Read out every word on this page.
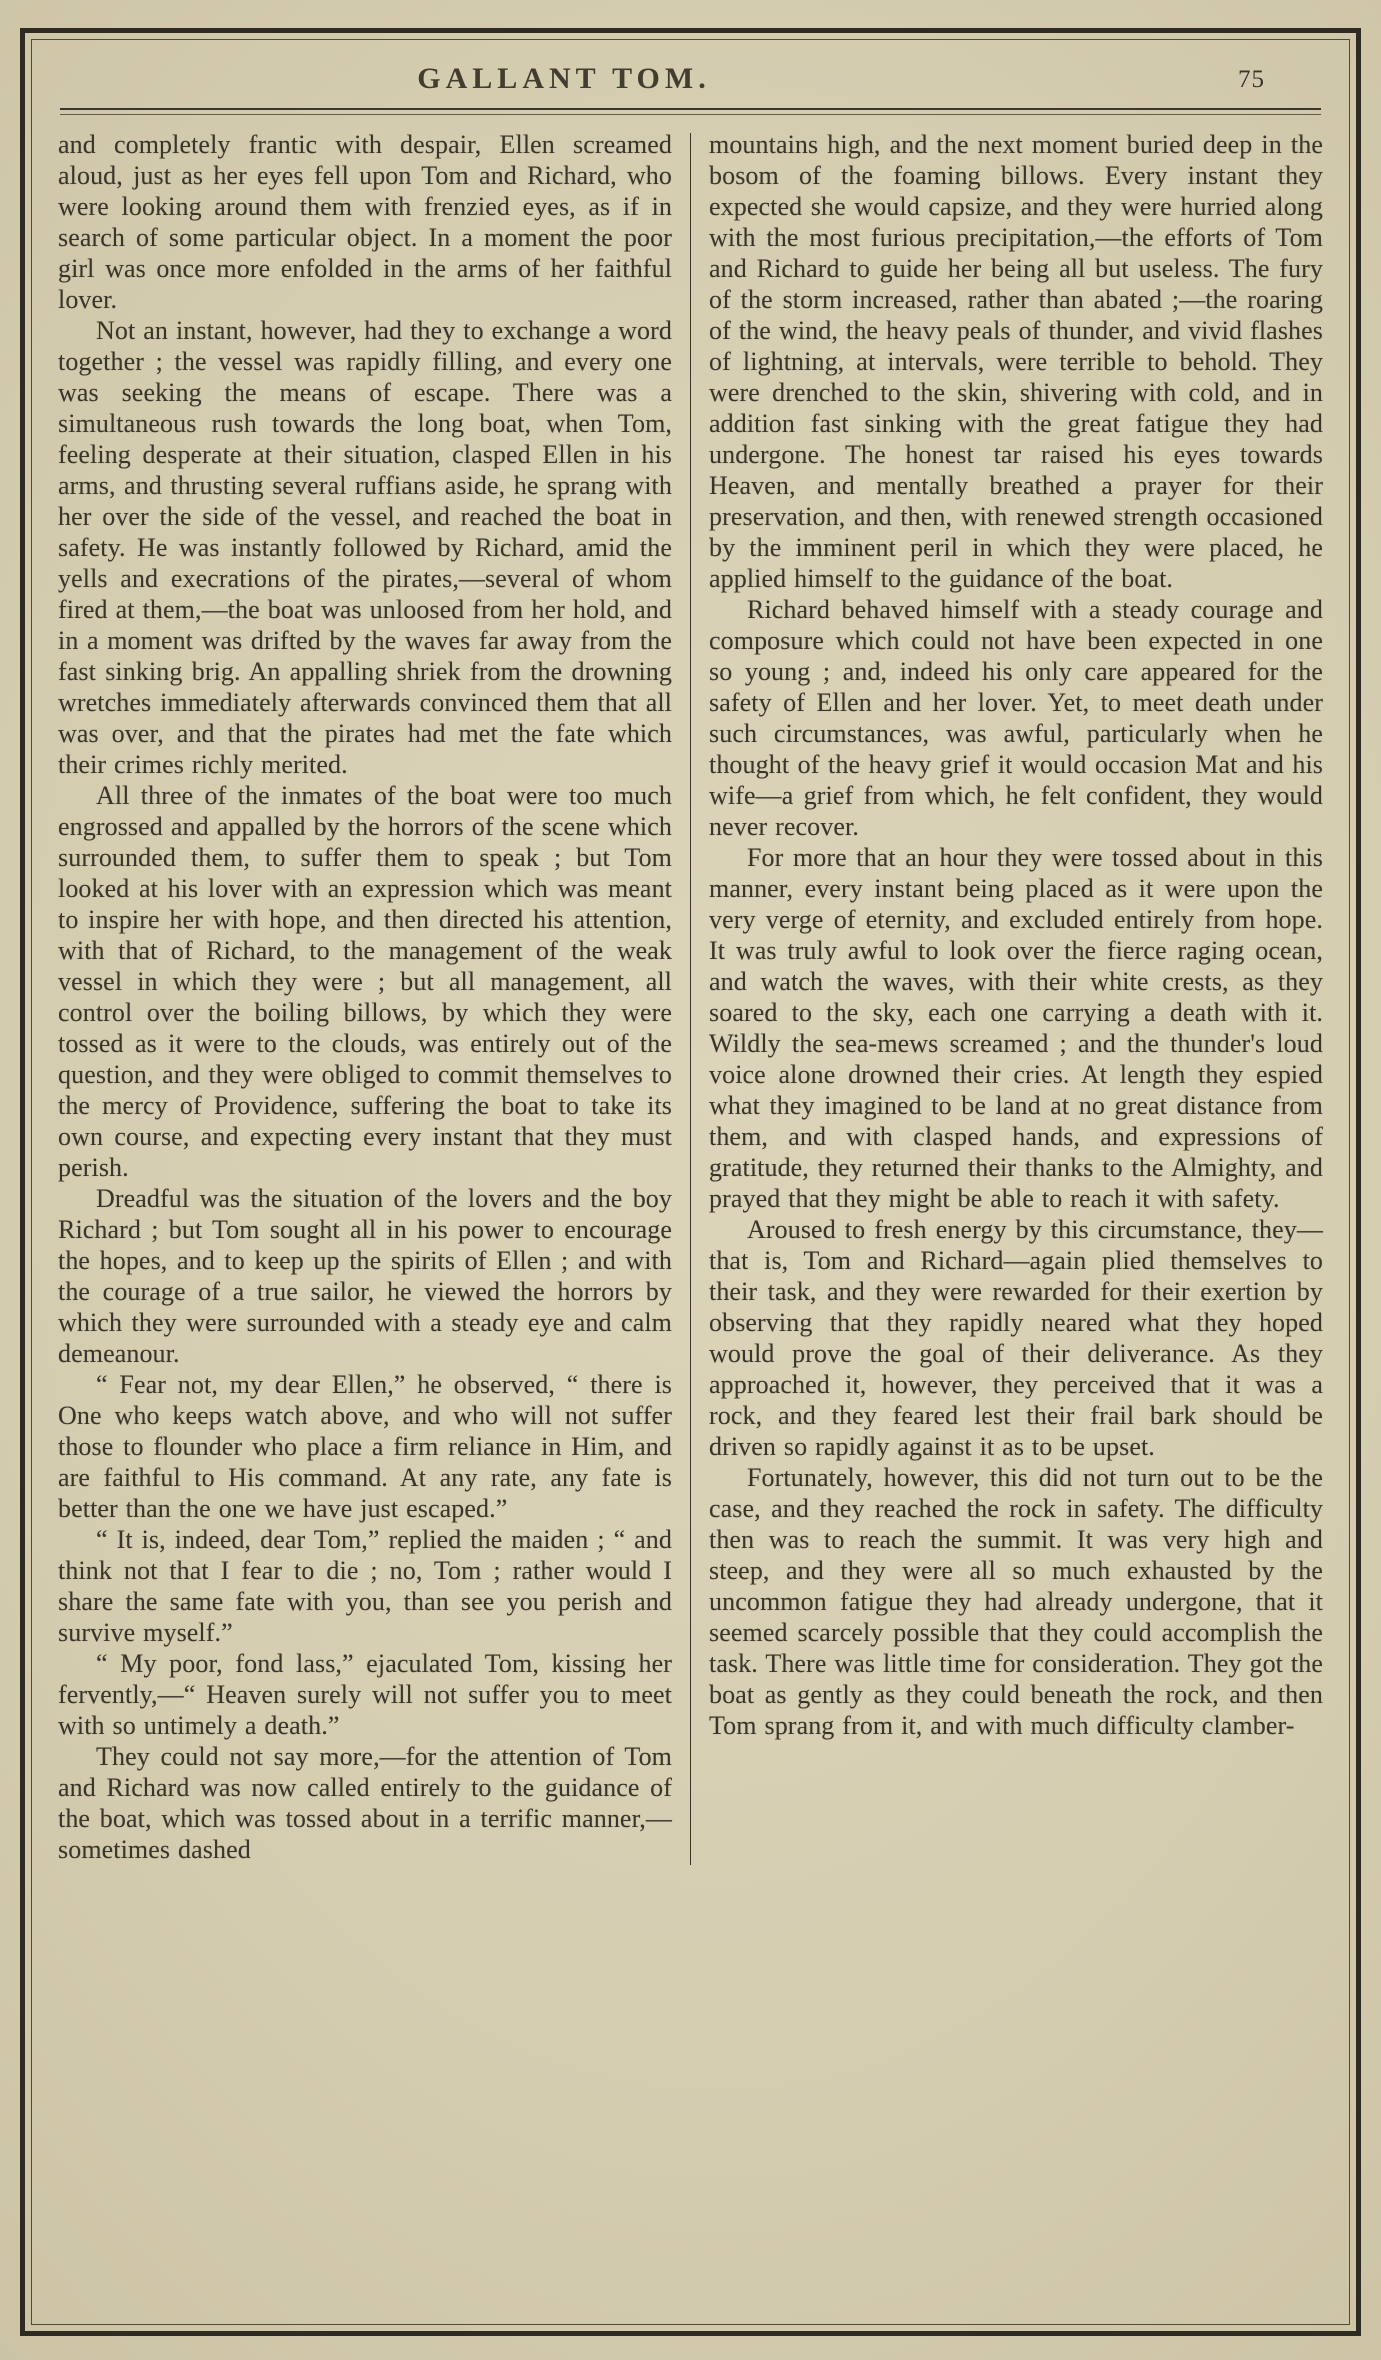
GALLANT TOM.	75

and completely frantic with despair, Ellen screamed aloud, just as her eyes fell upon Tom and Richard, who were looking around them with frenzied eyes, as if in search of some particular object. In a moment the poor girl was once more enfolded in the arms of her faithful lover.

Not an instant, however, had they to exchange a word together ; the vessel was rapidly filling, and every one was seeking the means of escape. There was a simultaneous rush towards the long boat, when Tom, feeling desperate at their situation, clasped Ellen in his arms, and thrusting several ruffians aside, he sprang with her over the side of the vessel, and reached the boat in safety. He was instantly followed by Richard, amid the yells and execrations of the pirates,—several of whom fired at them,—the boat was unloosed from her hold, and in a moment was drifted by the waves far away from the fast sinking brig. An appalling shriek from the drowning wretches immediately afterwards convinced them that all was over, and that the pirates had met the fate which their crimes richly merited.

All three of the inmates of the boat were too much engrossed and appalled by the horrors of the scene which surrounded them, to suffer them to speak ; but Tom looked at his lover with an expression which was meant to inspire her with hope, and then directed his attention, with that of Richard, to the management of the weak vessel in which they were ; but all management, all control over the boiling billows, by which they were tossed as it were to the clouds, was entirely out of the question, and they were obliged to commit themselves to the mercy of Providence, suffering the boat to take its own course, and expecting every instant that they must perish.

Dreadful was the situation of the lovers and the boy Richard ; but Tom sought all in his power to encourage the hopes, and to keep up the spirits of Ellen ; and with the courage of a true sailor, he viewed the horrors by which they were surrounded with a steady eye and calm demeanour.

“ Fear not, my dear Ellen,” he observed, “ there is One who keeps watch above, and who will not suffer those to flounder who place a firm reliance in Him, and are faithful to His command. At any rate, any fate is better than the one we have just escaped.”

“ It is, indeed, dear Tom,” replied the maiden ; “ and think not that I fear to die ; no, Tom ; rather would I share the same fate with you, than see you perish and survive myself.”

“ My poor, fond lass,” ejaculated Tom, kissing her fervently,—“ Heaven surely will not suffer you to meet with so untimely a death.”

They could not say more,—for the attention of Tom and Richard was now called entirely to the guidance of the boat, which was tossed about in a terrific manner,—sometimes dashed

mountains high, and the next moment buried deep in the bosom of the foaming billows. Every instant they expected she would capsize, and they were hurried along with the most furious precipitation,—the efforts of Tom and Richard to guide her being all but useless. The fury of the storm increased, rather than abated ;—the roaring of the wind, the heavy peals of thunder, and vivid flashes of lightning, at intervals, were terrible to behold. They were drenched to the skin, shivering with cold, and in addition fast sinking with the great fatigue they had undergone. The honest tar raised his eyes towards Heaven, and mentally breathed a prayer for their preservation, and then, with renewed strength occasioned by the imminent peril in which they were placed, he applied himself to the guidance of the boat.

Richard behaved himself with a steady courage and composure which could not have been expected in one so young ; and, indeed his only care appeared for the safety of Ellen and her lover. Yet, to meet death under such circumstances, was awful, particularly when he thought of the heavy grief it would occasion Mat and his wife—a grief from which, he felt confident, they would never recover.

For more that an hour they were tossed about in this manner, every instant being placed as it were upon the very verge of eternity, and excluded entirely from hope. It was truly awful to look over the fierce raging ocean, and watch the waves, with their white crests, as they soared to the sky, each one carrying a death with it. Wildly the sea-mews screamed ; and the thunder's loud voice alone drowned their cries. At length they espied what they imagined to be land at no great distance from them, and with clasped hands, and expressions of gratitude, they returned their thanks to the Almighty, and prayed that they might be able to reach it with safety.

Aroused to fresh energy by this circumstance, they—that is, Tom and Richard—again plied themselves to their task, and they were rewarded for their exertion by observing that they rapidly neared what they hoped would prove the goal of their deliverance. As they approached it, however, they perceived that it was a rock, and they feared lest their frail bark should be driven so rapidly against it as to be upset.

Fortunately, however, this did not turn out to be the case, and they reached the rock in safety. The difficulty then was to reach the summit. It was very high and steep, and they were all so much exhausted by the uncommon fatigue they had already undergone, that it seemed scarcely possible that they could accomplish the task. There was little time for consideration. They got the boat as gently as they could beneath the rock, and then Tom sprang from it, and with much difficulty clamber-
